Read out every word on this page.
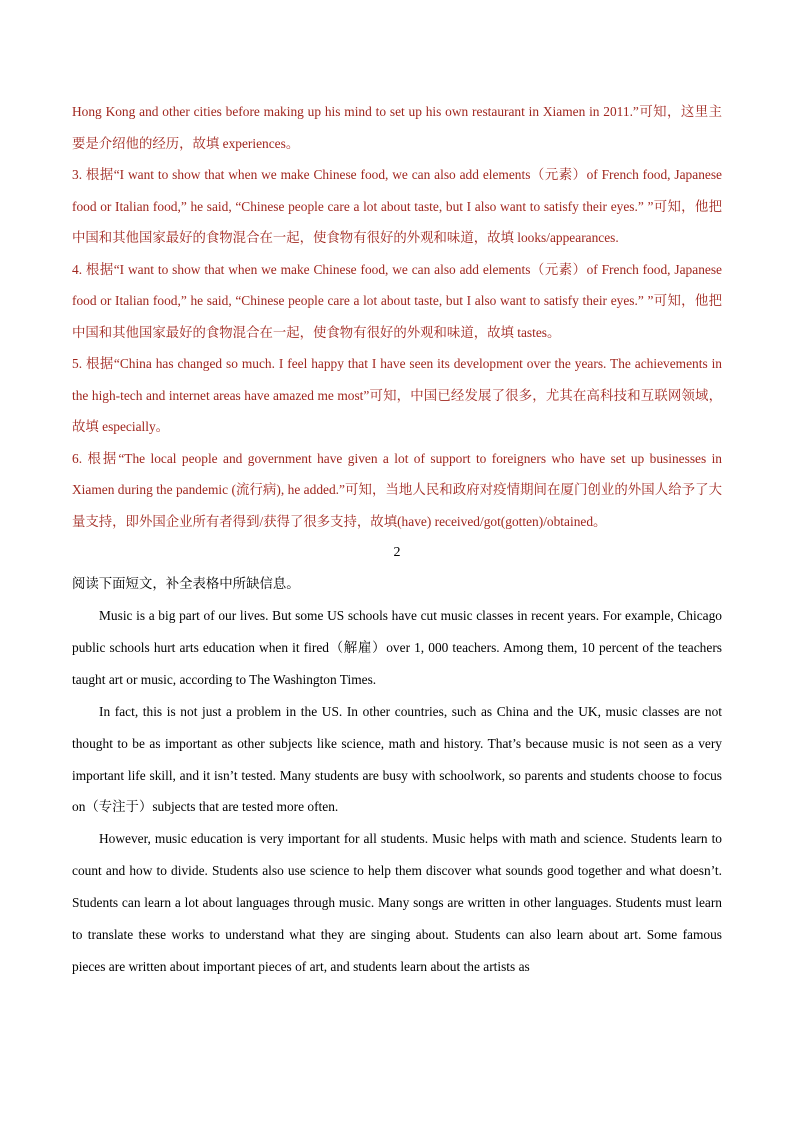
Hong Kong and other cities before making up his mind to set up his own restaurant in Xiamen in 2011.”可知，这里主要是介绍他的经历，故填 experiences。

3. 根据“I want to show that when we make Chinese food, we can also add elements（元素）of French food, Japanese food or Italian food,” he said, “Chinese people care a lot about taste, but I also want to satisfy their eyes.” ”可知，他把中国和其他国家最好的食物混合在一起，使食物有很好的外观和味道，故填 looks/appearances.

4. 根据“I want to show that when we make Chinese food, we can also add elements（元素）of French food, Japanese food or Italian food,” he said, “Chinese people care a lot about taste, but I also want to satisfy their eyes.” ”可知，他把中国和其他国家最好的食物混合在一起，使食物有很好的外观和味道，故填 tastes。

5. 根据“China has changed so much. I feel happy that I have seen its development over the years. The achievements in the high-tech and internet areas have amazed me most”可知，中国已经发展了很多，尤其在高科技和互联网领域，故填 especially。

6. 根据“The local people and government have given a lot of support to foreigners who have set up businesses in Xiamen during the pandemic (流行病), he added.”可知，当地人民和政府对疫情期间在厦门创业的外国人给予了大量支持，即外国企业所有者得到/获得了很多支持，故填(have) received/got(gotten)/obtained。

2

阅读下面短文，补全表格中所缺信息。

Music is a big part of our lives. But some US schools have cut music classes in recent years. For example, Chicago public schools hurt arts education when it fired（解雇）over 1, 000 teachers. Among them, 10 percent of the teachers taught art or music, according to The Washington Times.

In fact, this is not just a problem in the US. In other countries, such as China and the UK, music classes are not thought to be as important as other subjects like science, math and history. That’s because music is not seen as a very important life skill, and it isn’t tested. Many students are busy with schoolwork, so parents and students choose to focus on（专注于）subjects that are tested more often.

However, music education is very important for all students. Music helps with math and science. Students learn to count and how to divide. Students also use science to help them discover what sounds good together and what doesn’t. Students can learn a lot about languages through music. Many songs are written in other languages. Students must learn to translate these works to understand what they are singing about. Students can also learn about art. Some famous pieces are written about important pieces of art, and students learn about the artists as
